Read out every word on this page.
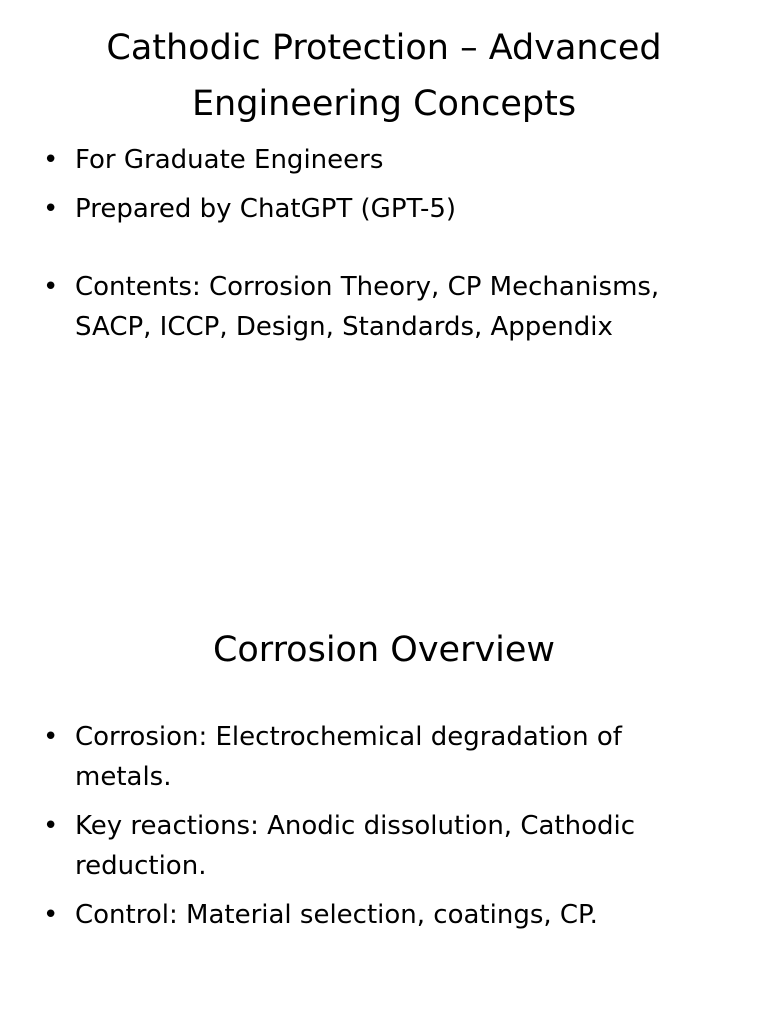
Cathodic Protection – Advanced Engineering Concepts
• For Graduate Engineers
• Prepared by ChatGPT (GPT-5)
• Contents: Corrosion Theory, CP Mechanisms, SACP, ICCP, Design, Standards, Appendix
Corrosion Overview
• Corrosion: Electrochemical degradation of metals.
• Key reactions: Anodic dissolution, Cathodic reduction.
• Control: Material selection, coatings, CP.
